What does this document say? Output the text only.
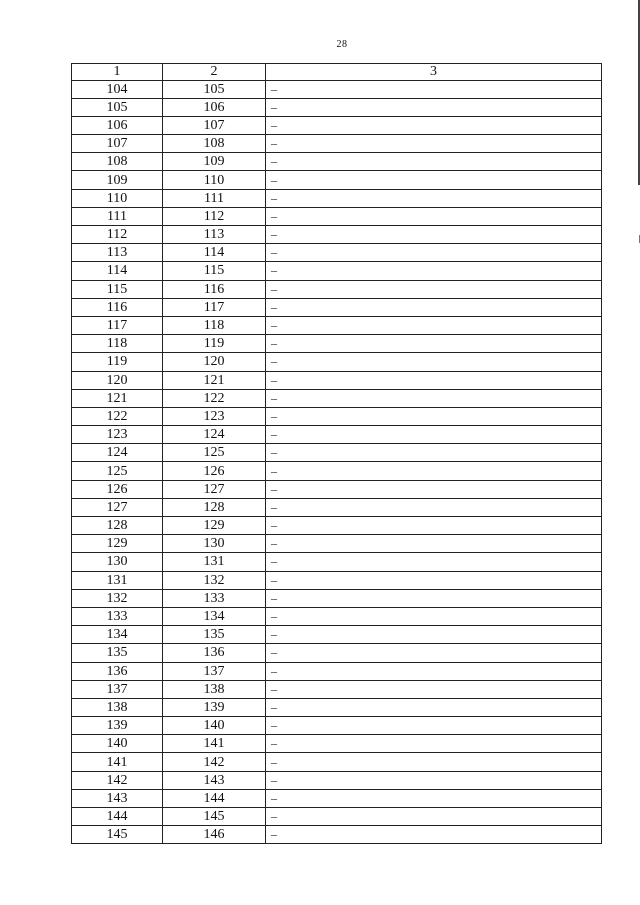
28
1	2	3
104	105	–
105	106	–
106	107	–
107	108	–
108	109	–
109	110	–
110	111	–
111	112	–
112	113	–
113	114	–
114	115	–
115	116	–
116	117	–
117	118	–
118	119	–
119	120	–
120	121	–
121	122	–
122	123	–
123	124	–
124	125	–
125	126	–
126	127	–
127	128	–
128	129	–
129	130	–
130	131	–
131	132	–
132	133	–
133	134	–
134	135	–
135	136	–
136	137	–
137	138	–
138	139	–
139	140	–
140	141	–
141	142	–
142	143	–
143	144	–
144	145	–
145	146	–
